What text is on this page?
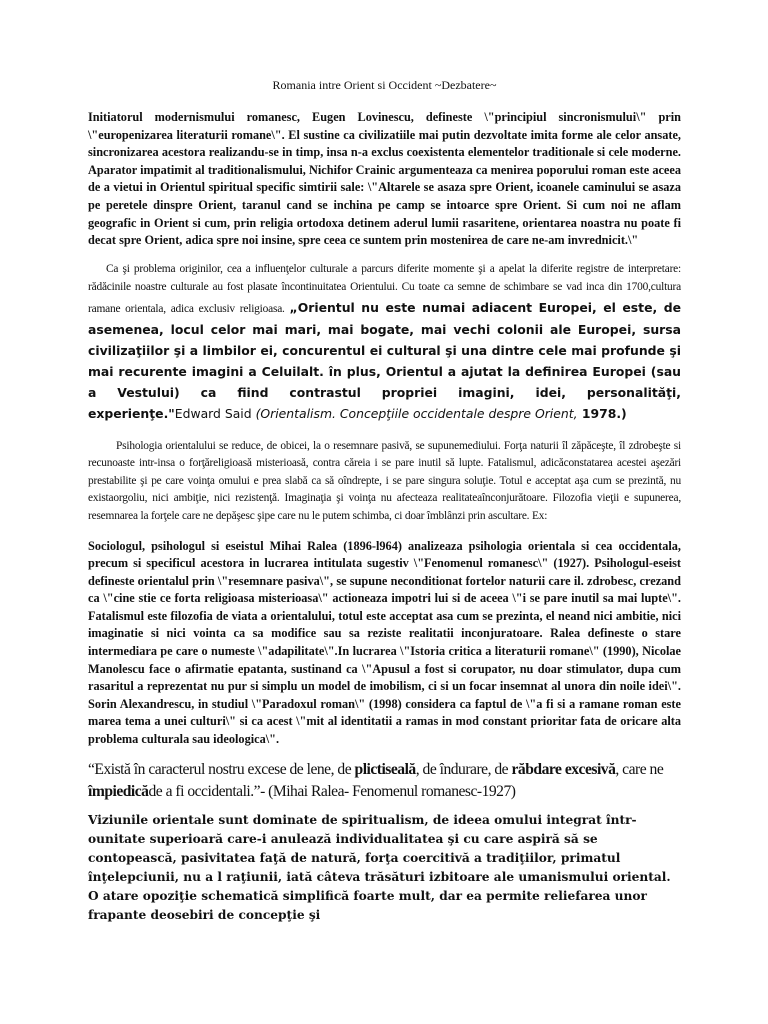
Romania intre Orient si Occident ~Dezbatere~

Initiatorul modernismului romanesc, Eugen Lovinescu, defineste \"principiul sincronismului\" prin \"europenizarea literaturii romane\". El sustine ca civilizatiile mai putin dezvoltate imita forme ale celor ansate, sincronizarea acestora realizandu-se in timp, insa n-a exclus coexistenta elementelor traditionale si cele moderne. Aparator impatimit al traditionalismului, Nichifor Crainic argumenteaza ca menirea poporului roman este aceea de a vietui in Orientul spiritual specific simtirii sale: \"Altarele se asaza spre Orient, icoanele caminului se asaza pe peretele dinspre Orient, taranul cand se inchina pe camp se intoarce spre Orient. Si cum noi ne aflam geografic in Orient si cum, prin religia ortodoxa detinem aderul lumii rasaritene, orientarea noastra nu poate fi decat spre Orient, adica spre noi insine, spre ceea ce suntem prin mostenirea de care ne-am invrednicit.\"

Ca şi problema originilor, cea a influenţelor culturale a parcurs diferite momente şi a apelat la diferite registre de interpretare: rădăcinile noastre culturale au fost plasate încontinuitatea Orientului. Cu toate ca semne de schimbare se vad inca din 1700,cultura ramane orientala, adica exclusiv religioasa. „Orientul nu este numai adiacent Europei, el este, de asemenea, locul celor mai mari, mai bogate, mai vechi colonii ale Europei, sursa civilizaţiilor şi a limbilor ei, concurentul ei cultural şi una dintre cele mai profunde şi mai recurente imagini a Celuilalt. în plus, Orientul a ajutat la definirea Europei (sau a Vestului) ca fiind contrastul propriei imagini, idei, personalităţi, experienţe."Edward Said (Orientalism. Concepţiile occidentale despre Orient, 1978.)

Psihologia orientalului se reduce, de obicei, la o resemnare pasivă, se supunemediului. Forţa naturii îl zăpăceşte, îl zdrobeşte si recunoaste intr-insa o forţăreligioasă misterioasă, contra căreia i se pare inutil să lupte. Fatalismul, adicăconstatarea acestei aşezări prestabilite şi pe care voinţa omului e prea slabă ca să oîndrepte, i se pare singura soluţie. Totul e acceptat aşa cum se prezintă, nu existaorgoliu, nici ambiţie, nici rezistenţă. Imaginaţia şi voinţa nu afecteaza realitateaînconjurătoare. Filozofia vieţii e supunerea, resemnarea la forţele care ne depăşesc şipe care nu le putem schimba, ci doar îmblânzi prin ascultare. Ex:

Sociologul, psihologul si eseistul Mihai Ralea (1896-l964) analizeaza psihologia orientala si cea occidentala, precum si specificul acestora in lucrarea intitulata sugestiv \"Fenomenul romanesc\" (1927). Psihologul-eseist defineste orientalul prin \"resemnare pasiva\", se supune neconditionat fortelor naturii care il. zdrobesc, crezand ca \"cine stie ce forta religioasa misterioasa\" actioneaza impotri lui si de aceea \"i se pare inutil sa mai lupte\". Fatalismul este filozofia de viata a orientalului, totul este acceptat asa cum se prezinta, el neand nici ambitie, nici imaginatie si nici vointa ca sa modifice sau sa reziste realitatii inconjuratoare. Ralea defineste o stare intermediara pe care o numeste \"adapilitate\".In lucrarea \"Istoria critica a literaturii romane\" (1990), Nicolae Manolescu face o afirmatie epatanta, sustinand ca \"Apusul a fost si corupator, nu doar stimulator, dupa cum rasaritul a reprezentat nu pur si simplu un model de imobilism, ci si un focar insemnat al unora din noile idei\". Sorin Alexandrescu, in studiul \"Paradoxul roman\" (1998) considera ca faptul de \"a fi si a ramane roman este marea tema a unei culturi\" si ca acest \"mit al identitatii a ramas in mod constant prioritar fata de oricare alta problema culturala sau ideologica\".

“Există în caracterul nostru excese de lene, de plictiseală, de îndurare, de răbdare excesivă, care ne împiedicăde a fi occidentali.”- (Mihai Ralea- Fenomenul romanesc-1927)

Viziunile orientale sunt dominate de spiritualism, de ideea omului integrat într-ounitate superioară care-i anulează individualitatea şi cu care aspiră să se
contopească, pasivitatea faţă de natură, forţa coercitivă a tradiţiilor, primatul înţelepciunii, nu a l raţiunii, iată câteva trăsături izbitoare ale umanismului oriental. O atare opoziţie schematică simplifică foarte mult, dar ea permite reliefarea unor frapante deosebiri de concepţie şi
